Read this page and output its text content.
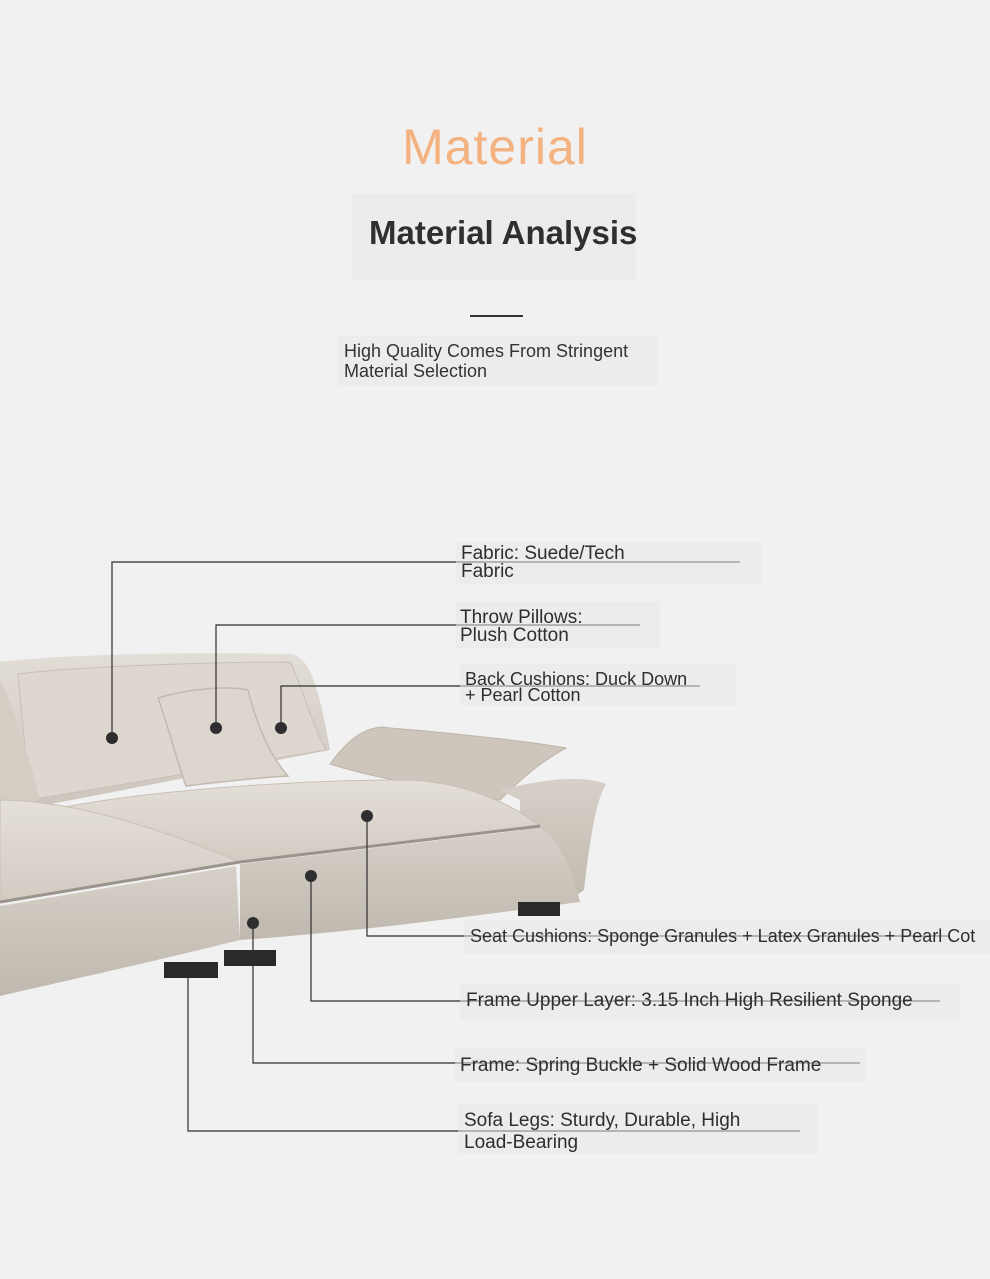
Material
Material Analysis
High Quality Comes From Stringent
Material Selection
Fabric: Suede/Tech
Fabric
Throw Pillows:
Plush Cotton
Back Cushions: Duck Down
+ Pearl Cotton
Seat Cushions: Sponge Granules + Latex Granules + Pearl Cot
Frame Upper Layer: 3.15 Inch High Resilient Sponge
Frame: Spring Buckle + Solid Wood Frame
Sofa Legs: Sturdy, Durable, High
Load-Bearing
